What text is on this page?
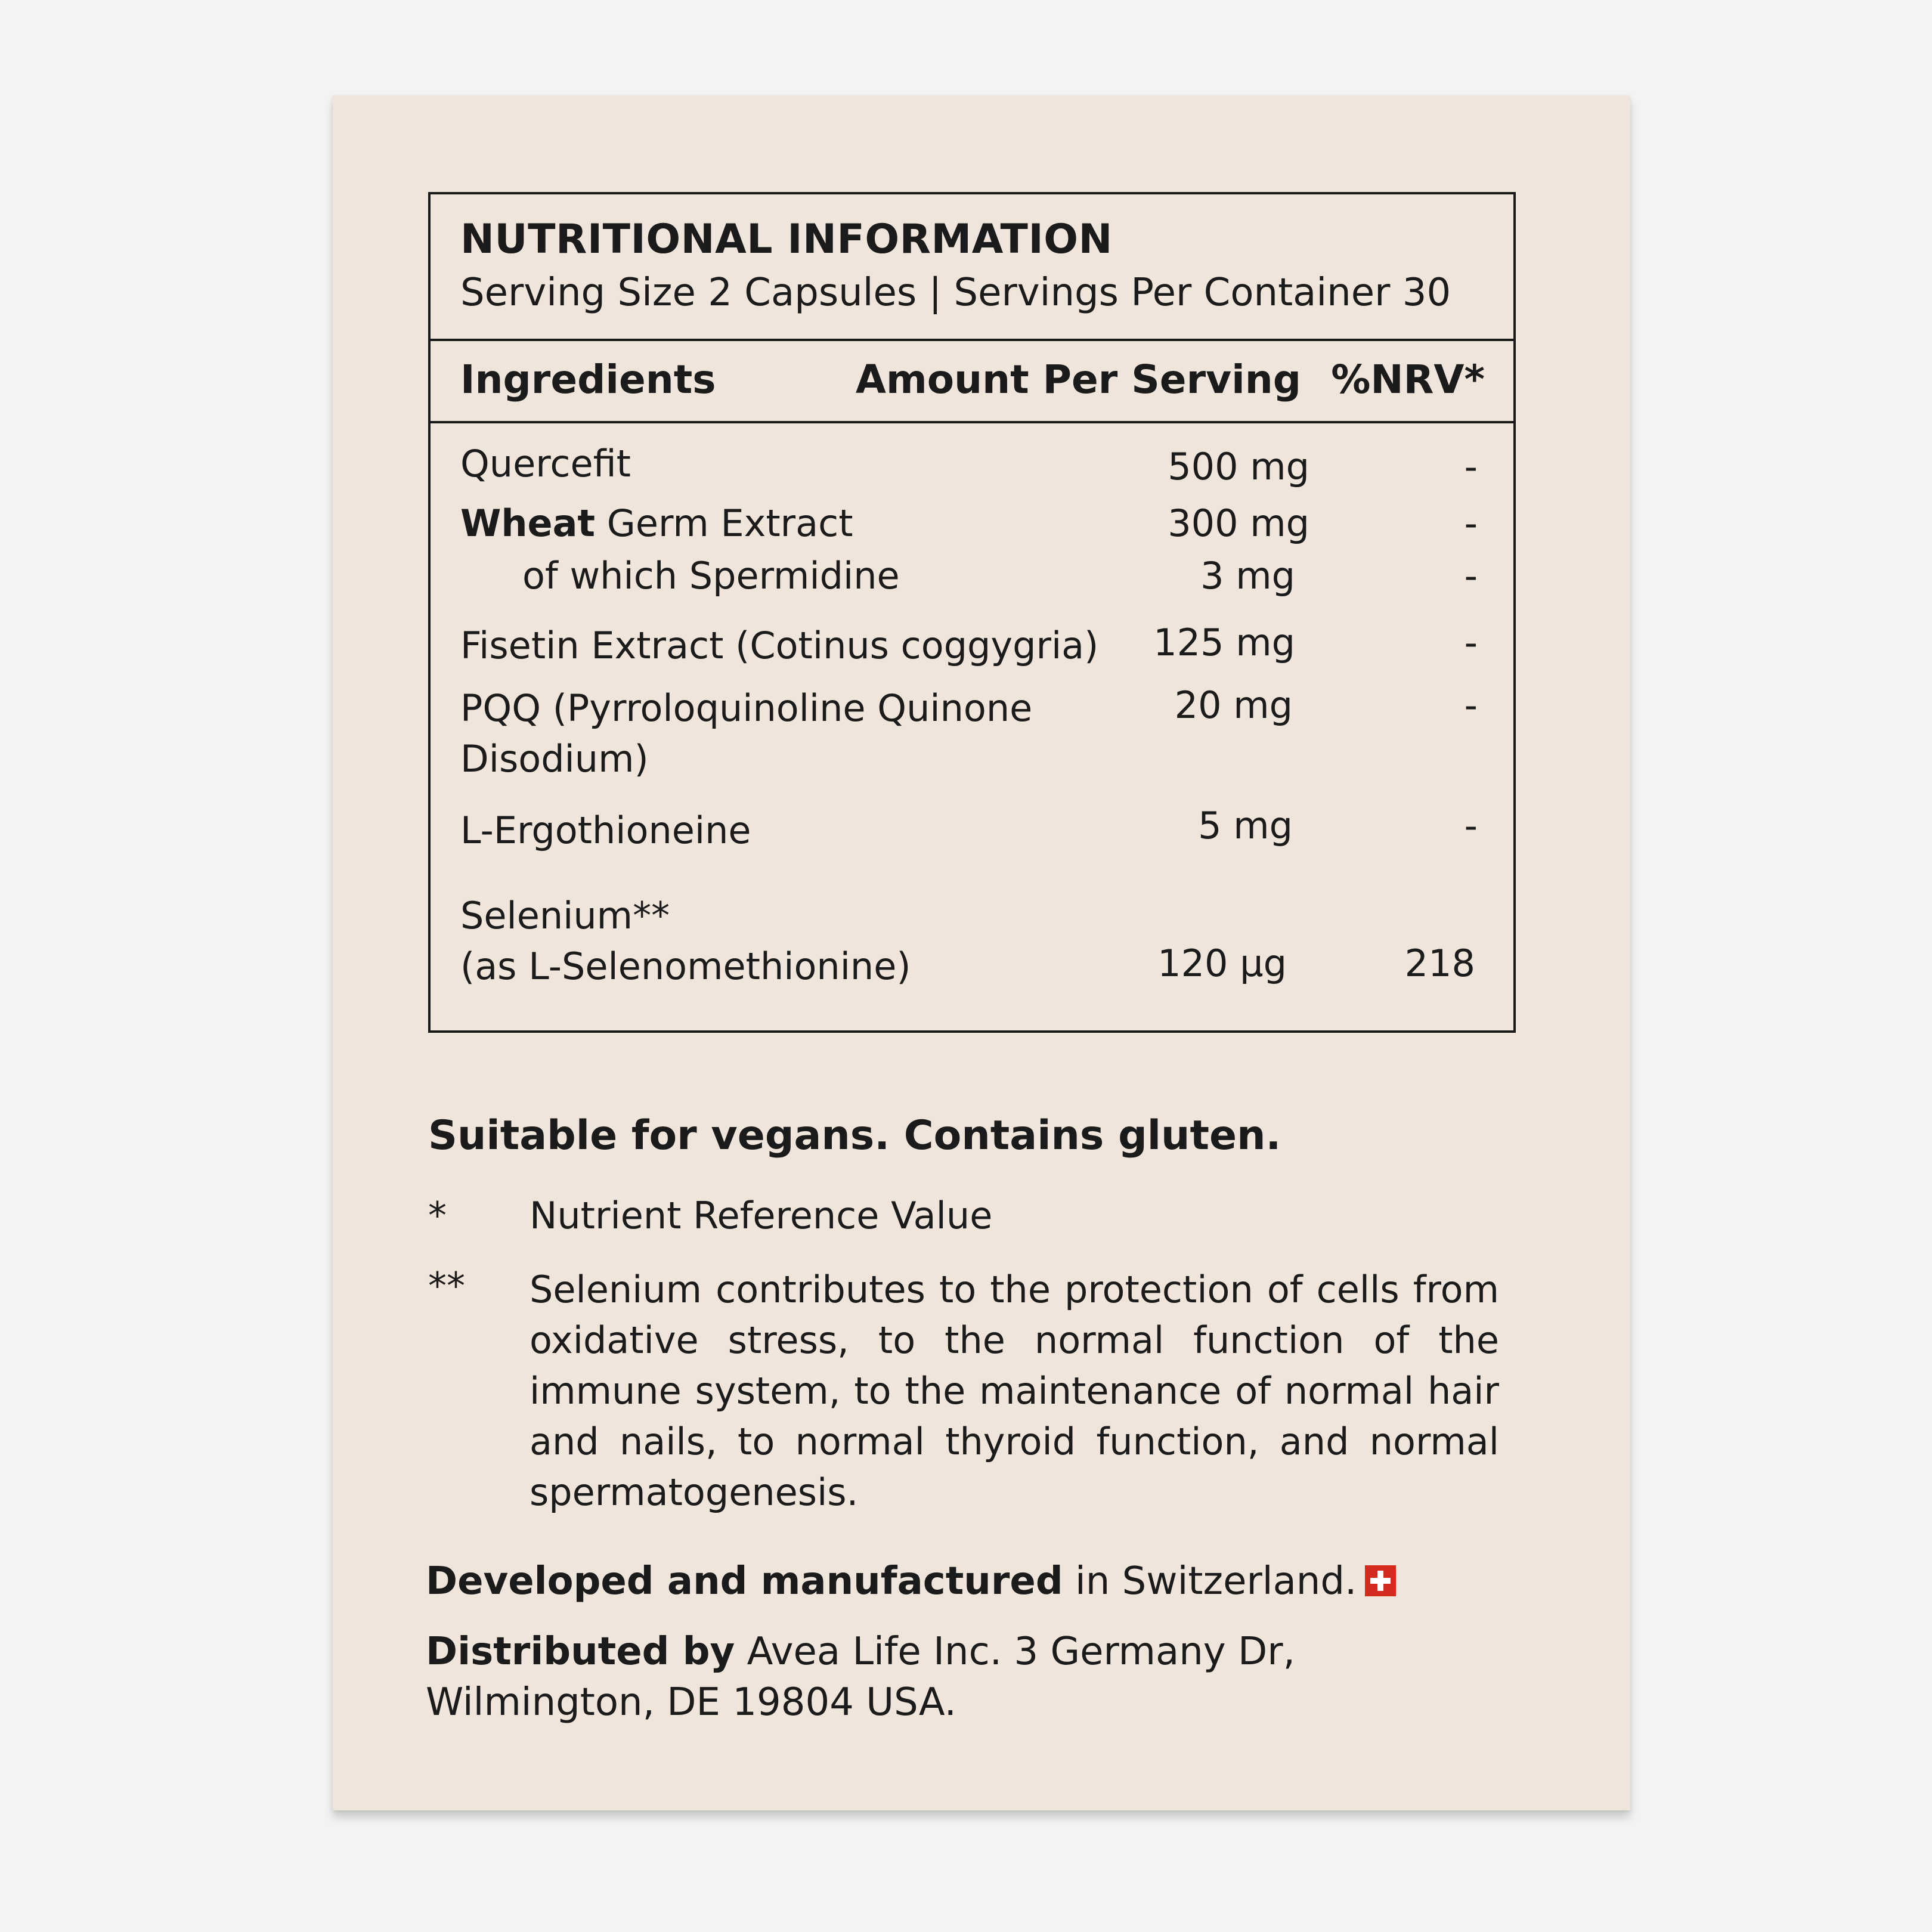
NUTRITIONAL INFORMATION
Serving Size 2 Capsules | Servings Per Container 30
Ingredients	Amount Per Serving %NRV*
Quercefit	500 mg	-
Wheat Germ Extract	300 mg	-
of which Spermidine	3 mg	-
Fisetin Extract (Cotinus coggygria) 125 mg	-
PQQ (Pyrroloquinoline Quinone
Disodium)
20 mg	-
L-Ergothioneine	5 mg	-
Selenium**
(as L-Selenomethionine)	120 µg	218
Suitable for vegans. Contains gluten.
* Nutrient Reference Value
** Selenium contributes to the protection of cells from oxidative stress, to the normal function of the immune system, to the maintenance of normal hair and nails, to normal thyroid function, and normal spermatogenesis.
Developed and manufactured in Switzerland.
Distributed by Avea Life Inc. 3 Germany Dr,
Wilmington, DE 19804 USA.
